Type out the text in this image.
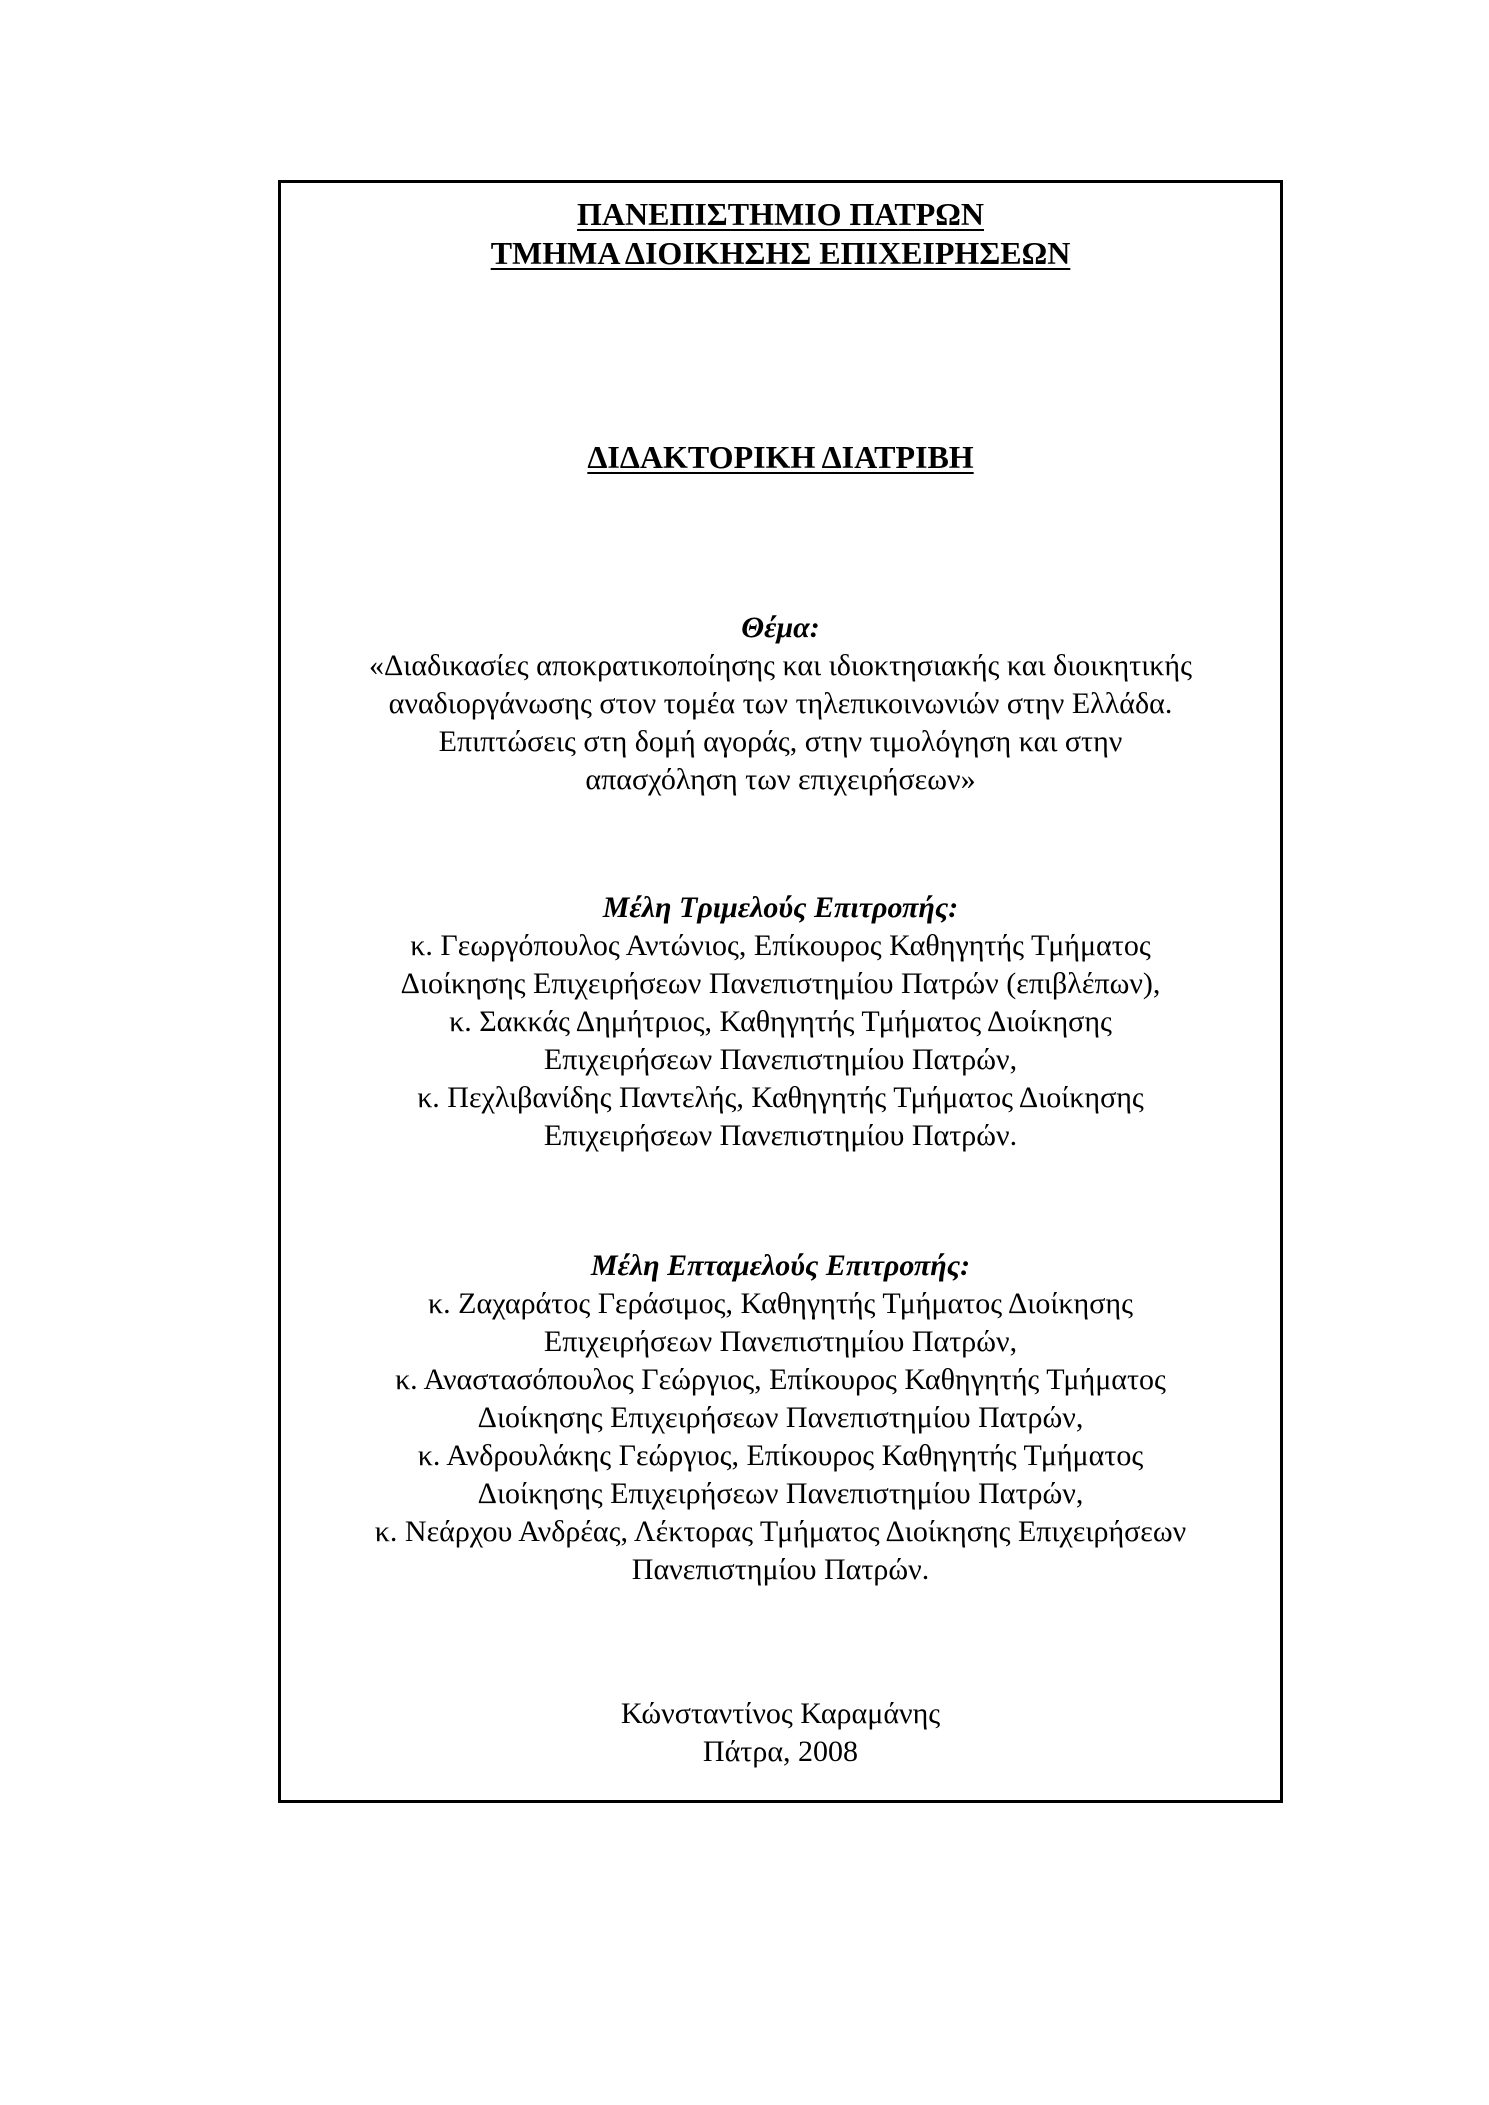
ΠΑΝΕΠΙΣΤΗΜΙΟ ΠΑΤΡΩΝ
ΤΜΗΜΑ ΔΙΟΙΚΗΣΗΣ ΕΠΙΧΕΙΡΗΣΕΩΝ
ΔΙΔΑΚΤΟΡΙΚΗ ΔΙΑΤΡΙΒΗ
Θέμα:
«Διαδικασίες αποκρατικοποίησης και ιδιοκτησιακής και διοικητικής
αναδιοργάνωσης στον τομέα των τηλεπικοινωνιών στην Ελλάδα.
Επιπτώσεις στη δομή αγοράς, στην τιμολόγηση και στην
απασχόληση των επιχειρήσεων»
Μέλη Τριμελούς Επιτροπής:
κ. Γεωργόπουλος Αντώνιος, Επίκουρος Καθηγητής Τμήματος
Διοίκησης Επιχειρήσεων Πανεπιστημίου Πατρών (επιβλέπων),
κ. Σακκάς Δημήτριος, Καθηγητής Τμήματος Διοίκησης
Επιχειρήσεων Πανεπιστημίου Πατρών,
κ. Πεχλιβανίδης Παντελής, Καθηγητής Τμήματος Διοίκησης
Επιχειρήσεων Πανεπιστημίου Πατρών.
Μέλη Επταμελούς Επιτροπής:
κ. Ζαχαράτος Γεράσιμος, Καθηγητής Τμήματος Διοίκησης
Επιχειρήσεων Πανεπιστημίου Πατρών,
κ. Αναστασόπουλος Γεώργιος, Επίκουρος Καθηγητής Τμήματος
Διοίκησης Επιχειρήσεων Πανεπιστημίου Πατρών,
κ. Ανδρουλάκης Γεώργιος, Επίκουρος Καθηγητής Τμήματος
Διοίκησης Επιχειρήσεων Πανεπιστημίου Πατρών,
κ. Νεάρχου Ανδρέας, Λέκτορας Τμήματος Διοίκησης Επιχειρήσεων
Πανεπιστημίου Πατρών.
Κώνσταντίνος Καραμάνης
Πάτρα, 2008
